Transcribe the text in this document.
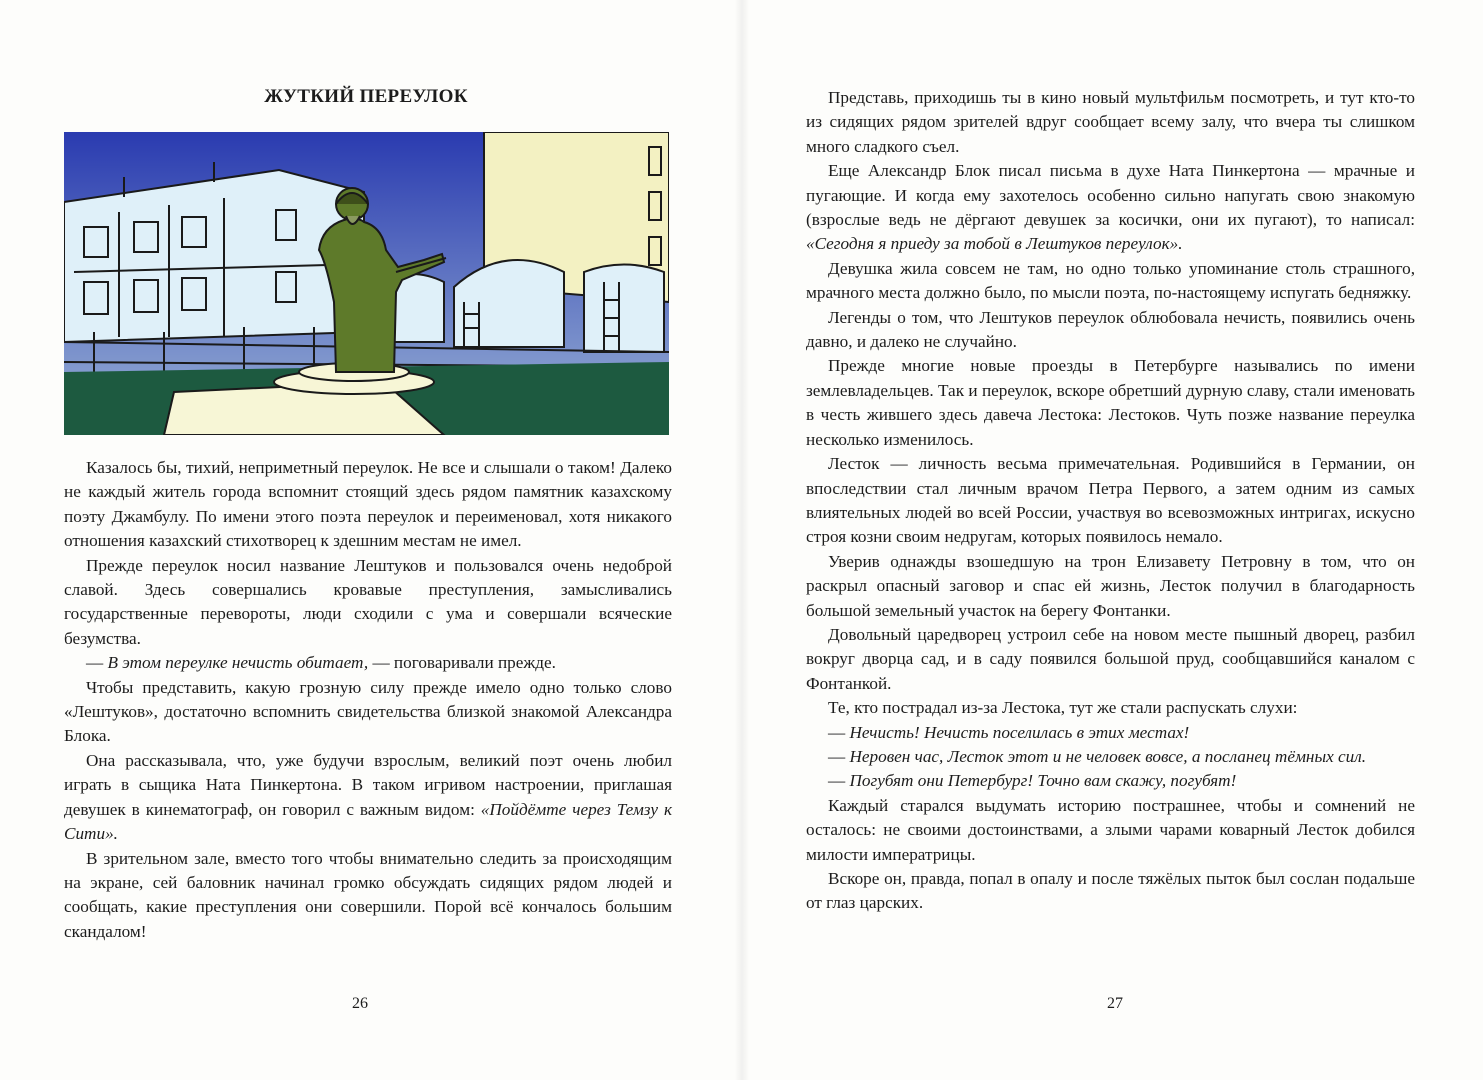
ЖУТКИЙ ПЕРЕУЛОК

Казалось бы, тихий, неприметный переулок. Не все и слышали о таком! Далеко не каждый житель города вспомнит стоящий здесь рядом памятник казахскому поэту Джамбулу. По имени этого поэта переулок и переименовал, хотя никакого отношения казахский стихотворец к здешним местам не имел.

Прежде переулок носил название Лештуков и пользовался очень недоброй славой. Здесь совершались кровавые преступления, замысливались государственные перевороты, люди сходили с ума и совершали всяческие безумства.

— В этом переулке нечисть обитает, — поговаривали прежде.

Чтобы представить, какую грозную силу прежде имело одно только слово «Лештуков», достаточно вспомнить свидетельства близкой знакомой Александра Блока.

Она рассказывала, что, уже будучи взрослым, великий поэт очень любил играть в сыщика Ната Пинкертона. В таком игривом настроении, приглашая девушек в кинематограф, он говорил с важным видом: «Пойдёмте через Темзу к Сити».

В зрительном зале, вместо того чтобы внимательно следить за происходящим на экране, сей баловник начинал громко обсуждать сидящих рядом людей и сообщать, какие преступления они совершили. Порой всё кончалось большим скандалом!

26

Представь, приходишь ты в кино новый мультфильм посмотреть, и тут кто-то из сидящих рядом зрителей вдруг сообщает всему залу, что вчера ты слишком много сладкого съел.

Еще Александр Блок писал письма в духе Ната Пинкертона — мрачные и пугающие. И когда ему захотелось особенно сильно напугать свою знакомую (взрослые ведь не дёргают девушек за косички, они их пугают), то написал: «Сегодня я приеду за тобой в Лештуков переулок».

Девушка жила совсем не там, но одно только упоминание столь страшного, мрачного места должно было, по мысли поэта, по-настоящему испугать бедняжку.

Легенды о том, что Лештуков переулок облюбовала нечисть, появились очень давно, и далеко не случайно.

Прежде многие новые проезды в Петербурге назывались по имени землевладельцев. Так и переулок, вскоре обретший дурную славу, стали именовать в честь жившего здесь давеча Лестока: Лестоков. Чуть позже название переулка несколько изменилось.

Лесток — личность весьма примечательная. Родившийся в Германии, он впоследствии стал личным врачом Петра Первого, а затем одним из самых влиятельных людей во всей России, участвуя во всевозможных интригах, искусно строя козни своим недругам, которых появилось немало.

Уверив однажды взошедшую на трон Елизавету Петровну в том, что он раскрыл опасный заговор и спас ей жизнь, Лесток получил в благодарность большой земельный участок на берегу Фонтанки.

Довольный царедворец устроил себе на новом месте пышный дворец, разбил вокруг дворца сад, и в саду появился большой пруд, сообщавшийся каналом с Фонтанкой.

Те, кто пострадал из-за Лестока, тут же стали распускать слухи:

— Нечисть! Нечисть поселилась в этих местах!

— Неровен час, Лесток этот и не человек вовсе, а посланец тёмных сил.

— Погубят они Петербург! Точно вам скажу, погубят!

Каждый старался выдумать историю пострашнее, чтобы и сомнений не осталось: не своими достоинствами, а злыми чарами коварный Лесток добился милости императрицы.

Вскоре он, правда, попал в опалу и после тяжёлых пыток был сослан подальше от глаз царских.

27
